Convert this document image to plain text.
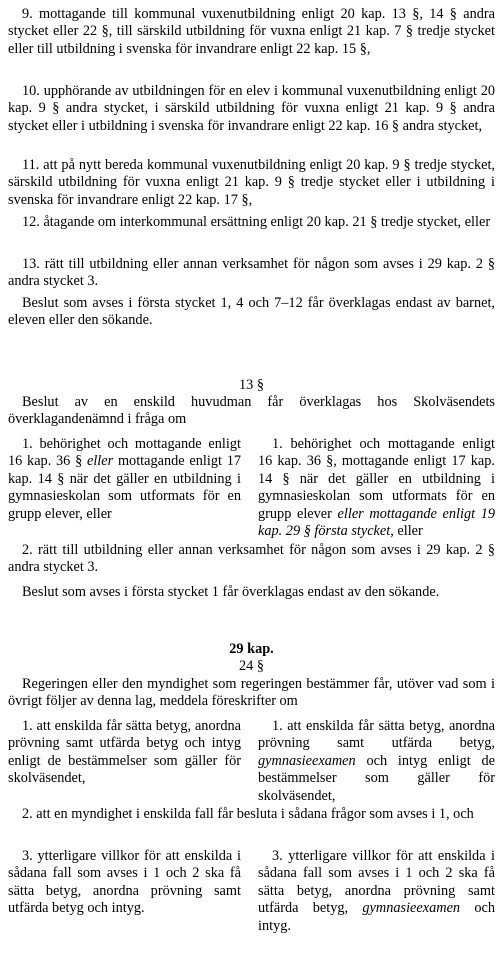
9. mottagande till kommunal vuxenutbildning enligt 20 kap. 13 §, 14 § andra stycket eller 22 §, till särskild utbildning för vuxna enligt 21 kap. 7 § tredje stycket eller till utbildning i svenska för invandrare enligt 22 kap. 15 §,

10. upphörande av utbildningen för en elev i kommunal vuxenutbildning enligt 20 kap. 9 § andra stycket, i särskild utbildning för vuxna enligt 21 kap. 9 § andra stycket eller i utbildning i svenska för invandrare enligt 22 kap. 16 § andra stycket,

11. att på nytt bereda kommunal vuxenutbildning enligt 20 kap. 9 § tredje stycket, särskild utbildning för vuxna enligt 21 kap. 9 § tredje stycket eller i utbildning i svenska för invandrare enligt 22 kap. 17 §,

12. åtagande om interkommunal ersättning enligt 20 kap. 21 § tredje stycket, eller

13. rätt till utbildning eller annan verksamhet för någon som avses i 29 kap. 2 § andra stycket 3.

Beslut som avses i första stycket 1, 4 och 7–12 får överklagas endast av barnet, eleven eller den sökande.

13 §

Beslut av en enskild huvudman får överklagas hos Skolväsendets överklagandenämnd i fråga om

1. behörighet och mottagande enligt 16 kap. 36 § eller mottagande enligt 17 kap. 14 § när det gäller en utbildning i gymnasieskolan som utformats för en grupp elever, eller

1. behörighet och mottagande enligt 16 kap. 36 §, mottagande enligt 17 kap. 14 § när det gäller en utbildning i gymnasieskolan som utformats för en grupp elever eller mottagande enligt 19 kap. 29 § första stycket, eller

2. rätt till utbildning eller annan verksamhet för någon som avses i 29 kap. 2 § andra stycket 3.

Beslut som avses i första stycket 1 får överklagas endast av den sökande.

29 kap.

24 §

Regeringen eller den myndighet som regeringen bestämmer får, utöver vad som i övrigt följer av denna lag, meddela föreskrifter om

1. att enskilda får sätta betyg, anordna prövning samt utfärda betyg och intyg enligt de bestämmelser som gäller för skolväsendet,

1. att enskilda får sätta betyg, anordna prövning samt utfärda betyg, gymnasieexamen och intyg enligt de bestämmelser som gäller för skolväsendet,

2. att en myndighet i enskilda fall får besluta i sådana frågor som avses i 1, och

3. ytterligare villkor för att enskilda i sådana fall som avses i 1 och 2 ska få sätta betyg, anordna prövning samt utfärda betyg och intyg.

3. ytterligare villkor för att enskilda i sådana fall som avses i 1 och 2 ska få sätta betyg, anordna prövning samt utfärda betyg, gymnasieexamen och intyg.
